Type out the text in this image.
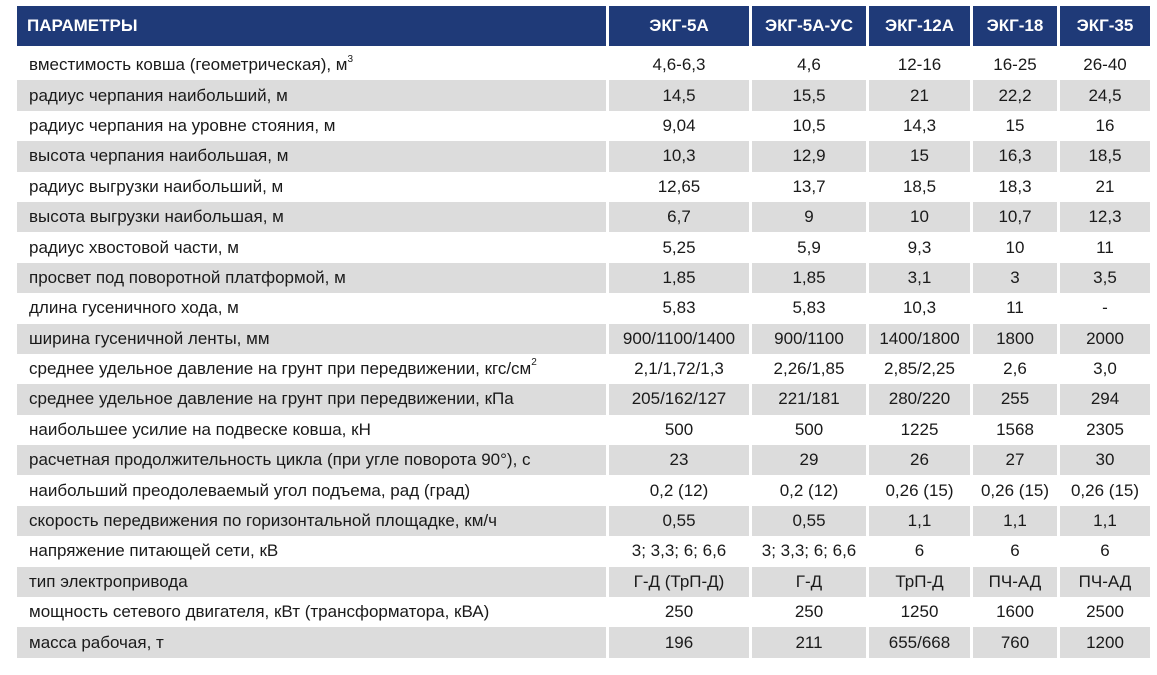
ПАРАМЕТРЫ	ЭКГ-5А	ЭКГ-5А-УС	ЭКГ-12А	ЭКГ-18	ЭКГ-35

вместимость ковша (геометрическая), $м^3$	4,6-6,3	4,6	12-16	16-25	26-40
радиус черпания наибольший, м	14,5	15,5	21	22,2	24,5
радиус черпания на уровне стояния, м	9,04	10,5	14,3	15	16
высота черпания наибольшая, м	10,3	12,9	15	16,3	18,5
радиус выгрузки наибольший, м	12,65	13,7	18,5	18,3	21
высота выгрузки наибольшая, м	6,7	9	10	10,7	12,3
радиус хвостовой части, м	5,25	5,9	9,3	10	11
просвет под поворотной платформой, м	1,85	1,85	3,1	3	3,5
длина гусеничного хода, м	5,83	5,83	10,3	11	-
ширина гусеничной ленты, мм	900/1100/1400	900/1100	1400/1800	1800	2000
среднее удельное давление на грунт при передвижении, кгс/$см^2$	2,1/1,72/1,3	2,26/1,85	2,85/2,25	2,6	3,0
среднее удельное давление на грунт при передвижении, кПа	205/162/127	221/181	280/220	255	294
наибольшее усилие на подвеске ковша, кН	500	500	1225	1568	2305
расчетная продолжительность цикла (при угле поворота 90°), с	23	29	26	27	30
наибольший преодолеваемый угол подъема, рад (град)	0,2 (12)	0,2 (12)	0,26 (15)	0,26 (15)	0,26 (15)
скорость передвижения по горизонтальной площадке, км/ч	0,55	0,55	1,1	1,1	1,1
напряжение питающей сети, кВ	3; 3,3; 6; 6,6	3; 3,3; 6; 6,6	6	6	6
тип электропривода	Г-Д (ТрП-Д)	Г-Д	ТрП-Д	ПЧ-АД	ПЧ-АД
мощность сетевого двигателя, кВт (трансформатора, кВА)	250	250	1250	1600	2500
масса рабочая, т	196	211	655/668	760	1200
